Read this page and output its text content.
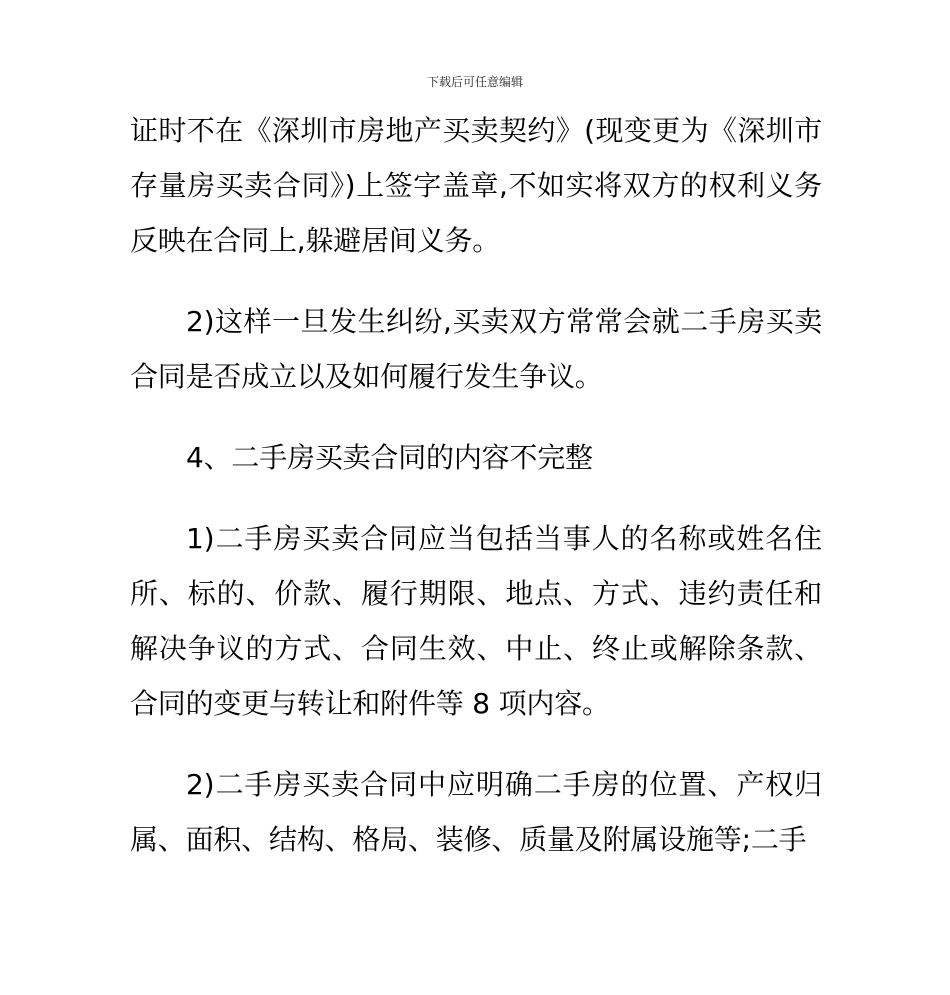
下载后可任意编辑

证时不在《深圳市房地产买卖契约》(现变更为《深圳市存量房买卖合同》)上签字盖章,不如实将双方的权利义务反映在合同上,躲避居间义务。

2)这样一旦发生纠纷,买卖双方常常会就二手房买卖合同是否成立以及如何履行发生争议。

4、二手房买卖合同的内容不完整

1)二手房买卖合同应当包括当事人的名称或姓名住所、标的、价款、履行期限、地点、方式、违约责任和解决争议的方式、合同生效、中止、终止或解除条款、合同的变更与转让和附件等 8 项内容。

2)二手房买卖合同中应明确二手房的位置、产权归属、面积、结构、格局、装修、质量及附属设施等;二手
